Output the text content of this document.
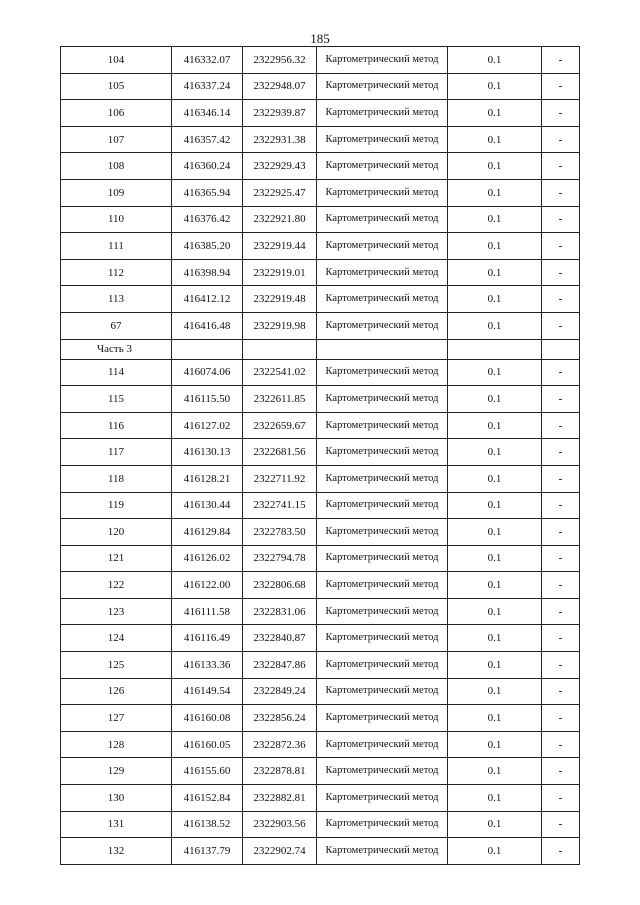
185
104	416332.07	2322956.32	Картометрический метод	0.1	-
105	416337.24	2322948.07	Картометрический метод	0.1	-
106	416346.14	2322939.87	Картометрический метод	0.1	-
107	416357.42	2322931.38	Картометрический метод	0.1	-
108	416360.24	2322929.43	Картометрический метод	0.1	-
109	416365.94	2322925.47	Картометрический метод	0.1	-
110	416376.42	2322921.80	Картометрический метод	0.1	-
111	416385.20	2322919.44	Картометрический метод	0.1	-
112	416398.94	2322919.01	Картометрический метод	0.1	-
113	416412.12	2322919.48	Картометрический метод	0.1	-
67	416416.48	2322919.98	Картометрический метод	0.1	-
Часть 3					
114	416074.06	2322541.02	Картометрический метод	0.1	-
115	416115.50	2322611.85	Картометрический метод	0.1	-
116	416127.02	2322659.67	Картометрический метод	0.1	-
117	416130.13	2322681.56	Картометрический метод	0.1	-
118	416128.21	2322711.92	Картометрический метод	0.1	-
119	416130.44	2322741.15	Картометрический метод	0.1	-
120	416129.84	2322783.50	Картометрический метод	0.1	-
121	416126.02	2322794.78	Картометрический метод	0.1	-
122	416122.00	2322806.68	Картометрический метод	0.1	-
123	416111.58	2322831.06	Картометрический метод	0.1	-
124	416116.49	2322840.87	Картометрический метод	0.1	-
125	416133.36	2322847.86	Картометрический метод	0.1	-
126	416149.54	2322849.24	Картометрический метод	0.1	-
127	416160.08	2322856.24	Картометрический метод	0.1	-
128	416160.05	2322872.36	Картометрический метод	0.1	-
129	416155.60	2322878.81	Картометрический метод	0.1	-
130	416152.84	2322882.81	Картометрический метод	0.1	-
131	416138.52	2322903.56	Картометрический метод	0.1	-
132	416137.79	2322902.74	Картометрический метод	0.1	-
